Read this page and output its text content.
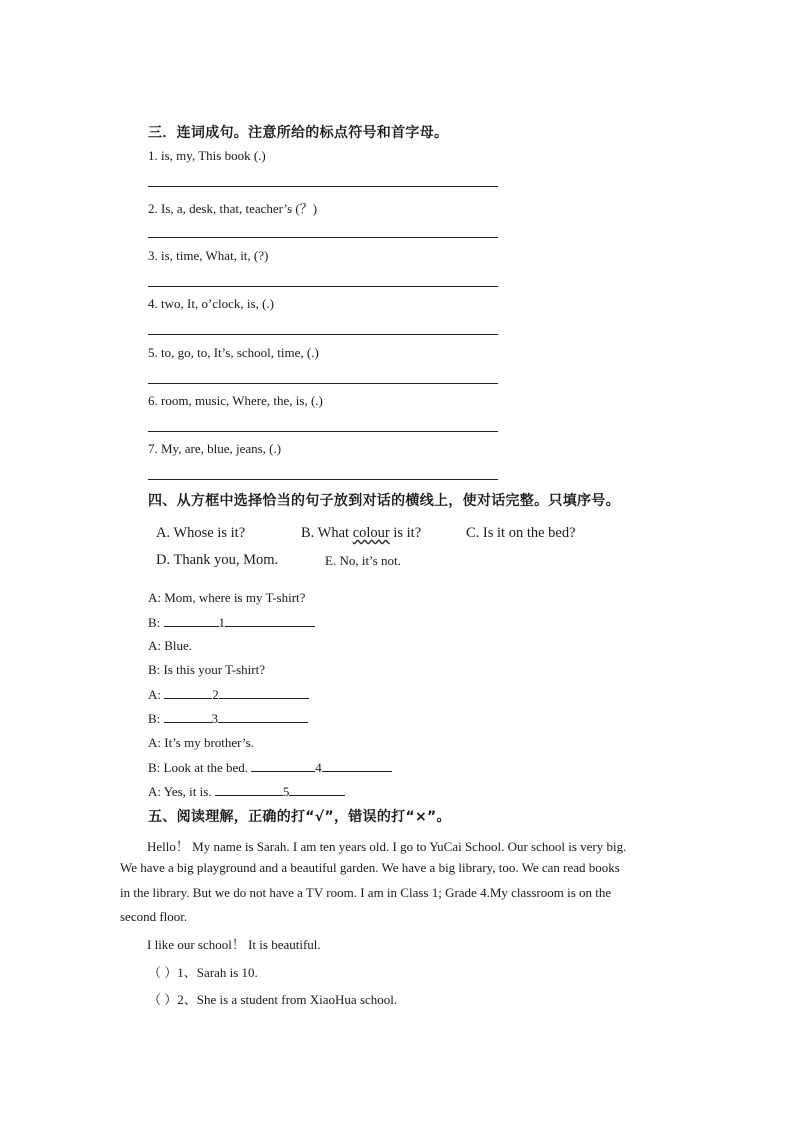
三．连词成句。注意所给的标点符号和首字母。
1. is, my, This book (.)
2. Is, a, desk, that, teacher’s (？)
3. is, time, What, it, (?)
4. two, It, o’clock, is, (.)
5. to, go, to, It’s, school, time, (.)
6. room, music, Where, the, is, (.)
7. My, are, blue, jeans, (.)
四、从方框中选择恰当的句子放到对话的横线上，使对话完整。只填序号。
A. Whose is it?	B. What colour is it?	C. Is it on the bed?
D. Thank you, Mom.	E. No, it’s not.
A: Mom, where is my T-shirt?
B:	1
A: Blue.
B: Is this your T-shirt?
A:	2
B:	3
A: It’s my brother’s.
B: Look at the bed.	4
A: Yes, it is.	5
五、阅读理解，正确的打“√”，错误的打“×”。
Hello！ My name is Sarah. I am ten years old. I go to YuCai School. Our school is very big.
We have a big playground and a beautiful garden. We have a big library, too. We can read books
in the library. But we do not have a TV room. I am in Class 1; Grade 4.My classroom is on the
second floor.
I like our school！ It is beautiful.
（ ）1、Sarah is 10.
（ ）2、She is a student from XiaoHua school.
